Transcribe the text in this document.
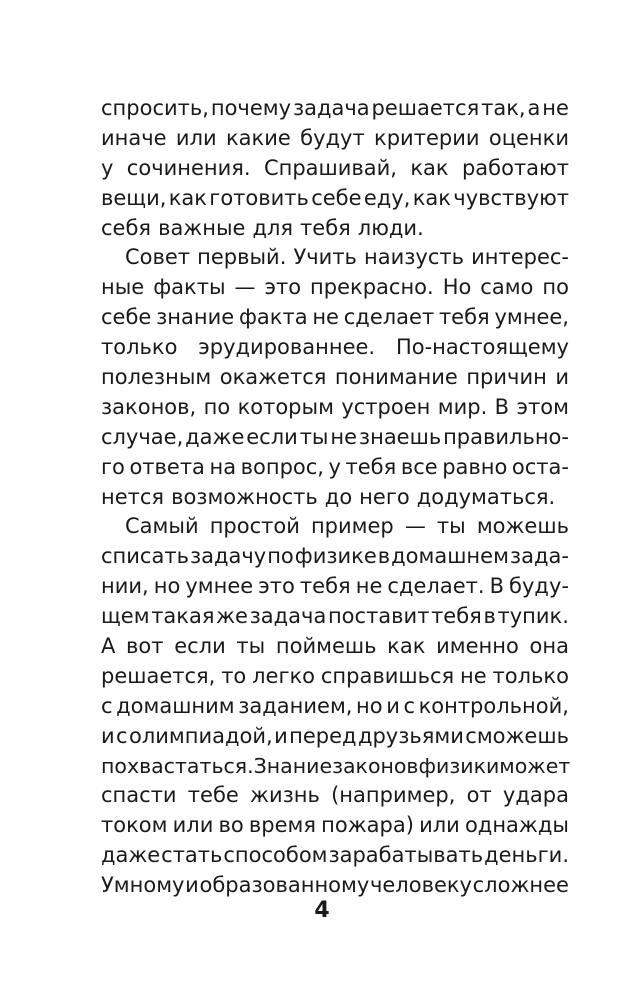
спросить, почему задача решается так, а не
иначе или какие будут критерии оценки
у сочинения. Спрашивай, как работают
вещи, как готовить себе еду, как чувствуют
себя важные для тебя люди.
Совет первый. Учить наизусть интерес-
ные факты — это прекрасно. Но само по
себе знание факта не сделает тебя умнее,
только эрудированнее. По-настоящему
полезным окажется понимание причин и
законов, по которым устроен мир. В этом
случае, даже если ты не знаешь правильно-
го ответа на вопрос, у тебя все равно оста-
нется возможность до него додуматься.
Самый простой пример — ты можешь
списать задачу по физике в домашнем зада-
нии, но умнее это тебя не сделает. В буду-
щем такая же задача поставит тебя в тупик.
А вот если ты поймешь как именно она
решается, то легко справишься не только
с домашним заданием, но и с контрольной,
и с олимпиадой, и перед друзьями сможешь
похвастаться. Знание законов физики может
спасти тебе жизнь (например, от удара
током или во время пожара) или однажды
даже стать способом зарабатывать деньги.
Умному и образованному человеку сложнее
4
